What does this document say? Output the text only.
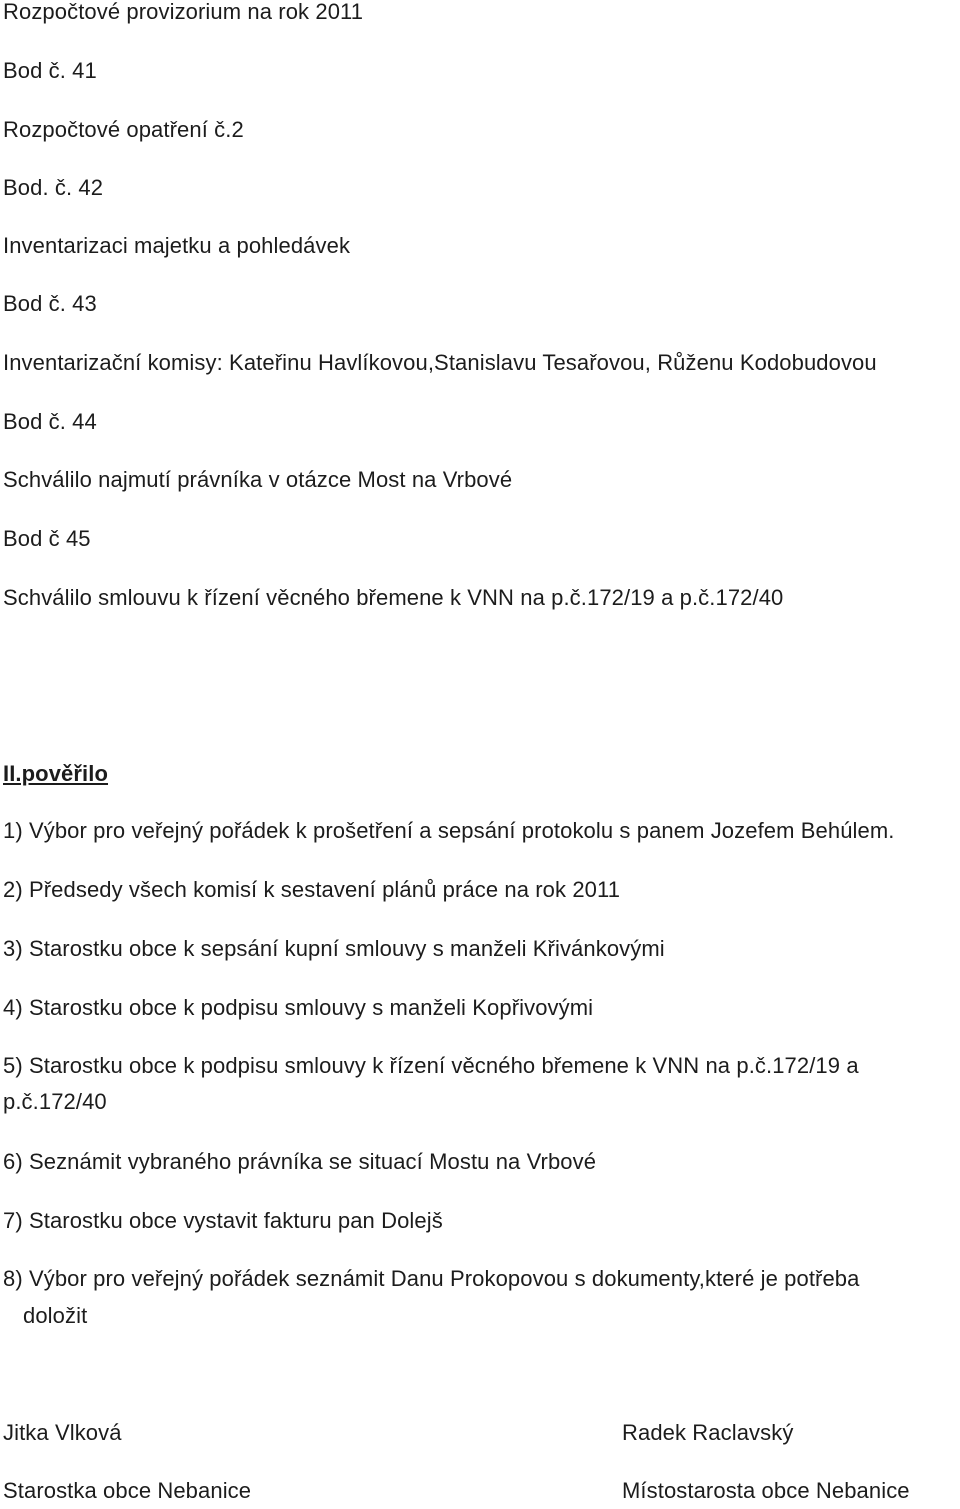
Rozpočtové provizorium na rok 2011
Bod č. 41
Rozpočtové opatření č.2
Bod. č. 42
Inventarizaci majetku a pohledávek
Bod č. 43
Inventarizační komisy: Kateřinu Havlíkovou,Stanislavu Tesařovou, Růženu Kodobudovou
Bod č. 44
Schválilo najmutí právníka v otázce Most na Vrbové
Bod č 45
Schválilo smlouvu k řízení věcného břemene k VNN na p.č.172/19 a p.č.172/40
II.pověřilo
1) Výbor pro veřejný pořádek k prošetření a sepsání protokolu s panem Jozefem Behúlem.
2) Předsedy všech komisí k sestavení plánů práce na rok 2011
3) Starostku obce k sepsání kupní smlouvy s manželi Křivánkovými
4) Starostku obce k podpisu smlouvy s manželi Kopřivovými
5) Starostku obce k podpisu smlouvy k řízení věcného břemene k VNN na p.č.172/19 a
p.č.172/40
6) Seznámit vybraného právníka se situací Mostu na Vrbové
7) Starostku obce vystavit fakturu pan Dolejš
8) Výbor pro veřejný pořádek seznámit Danu Prokopovou s dokumenty,které je potřeba
doložit
Jitka Vlková
Starostka obce Nebanice
Radek Raclavský
Místostarosta obce Nebanice
